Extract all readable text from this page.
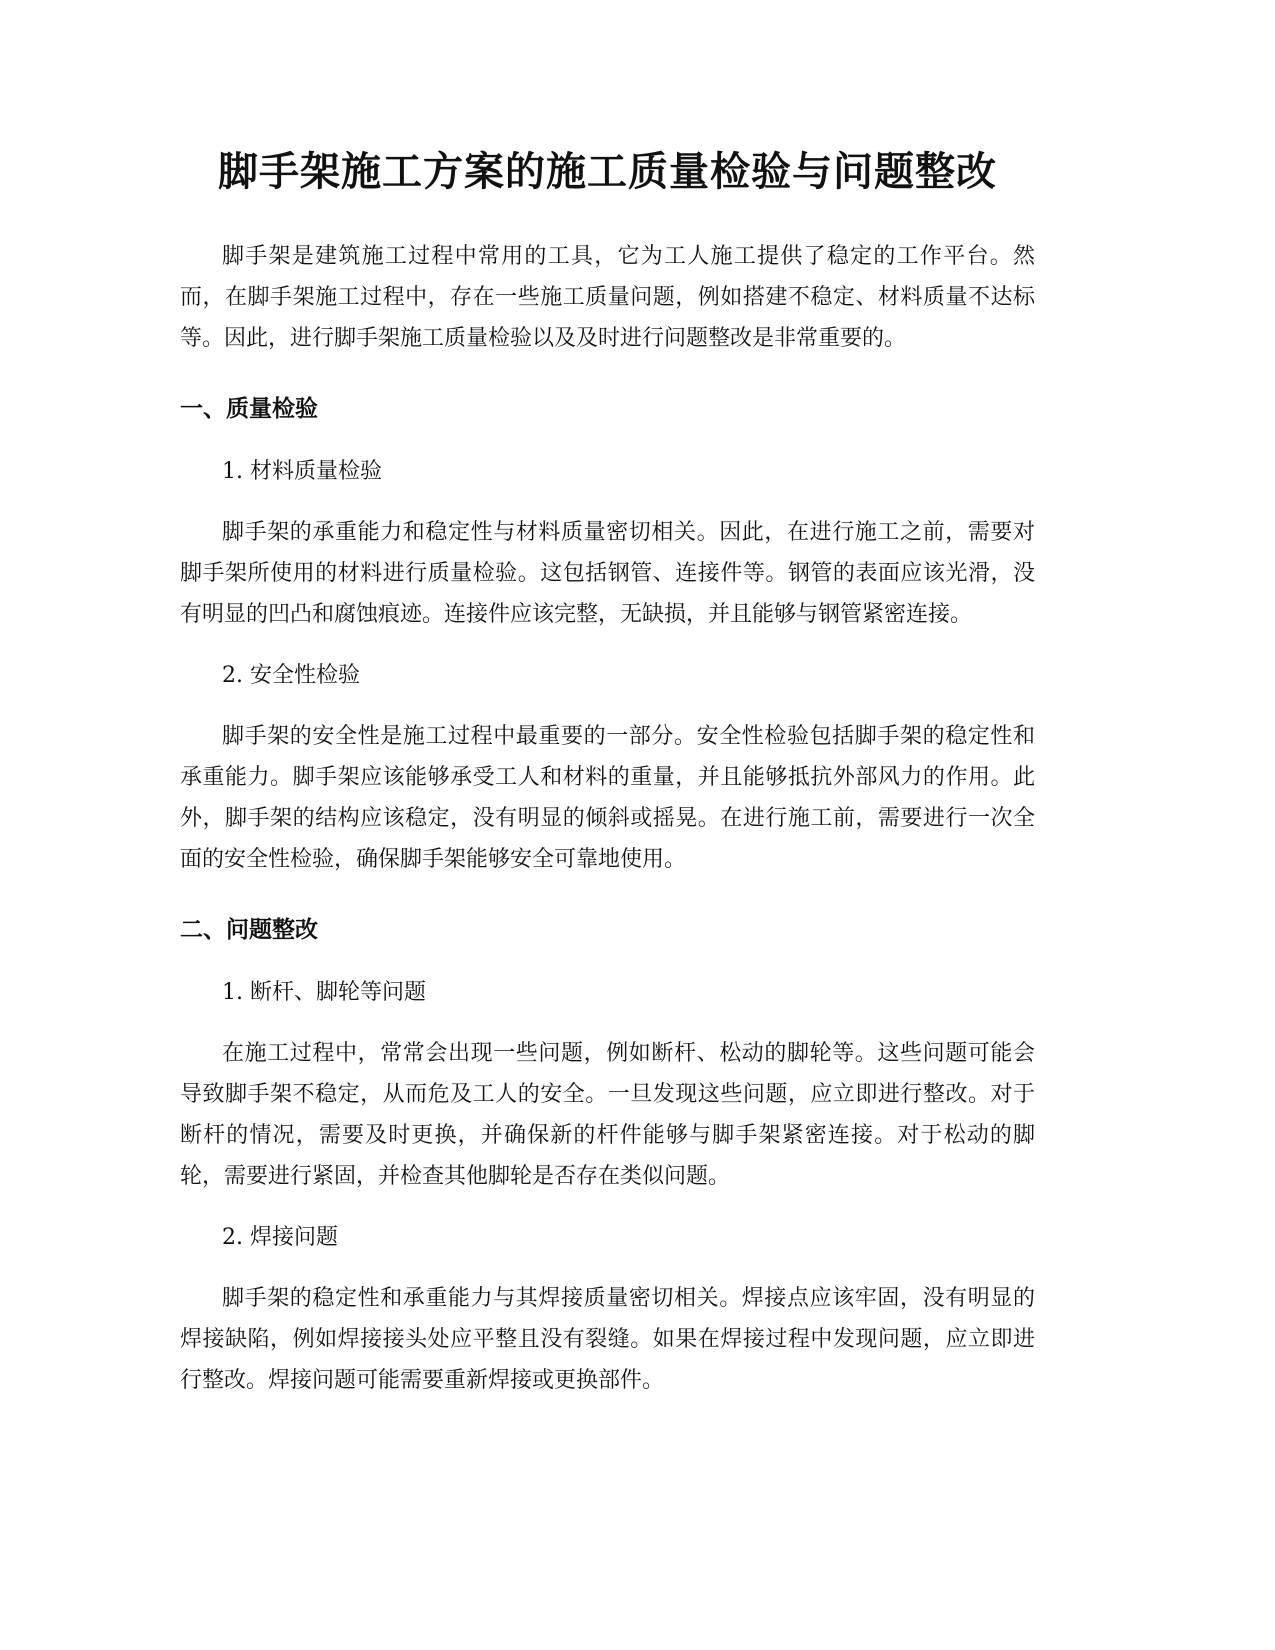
脚手架施工方案的施工质量检验与问题整改

脚手架是建筑施工过程中常用的工具，它为工人施工提供了稳定的工作平台。然而，在脚手架施工过程中，存在一些施工质量问题，例如搭建不稳定、材料质量不达标等。因此，进行脚手架施工质量检验以及及时进行问题整改是非常重要的。

一、质量检验
1. 材料质量检验

脚手架的承重能力和稳定性与材料质量密切相关。因此，在进行施工之前，需要对脚手架所使用的材料进行质量检验。这包括钢管、连接件等。钢管的表面应该光滑，没有明显的凹凸和腐蚀痕迹。连接件应该完整，无缺损，并且能够与钢管紧密连接。

2. 安全性检验

脚手架的安全性是施工过程中最重要的一部分。安全性检验包括脚手架的稳定性和承重能力。脚手架应该能够承受工人和材料的重量，并且能够抵抗外部风力的作用。此外，脚手架的结构应该稳定，没有明显的倾斜或摇晃。在进行施工前，需要进行一次全面的安全性检验，确保脚手架能够安全可靠地使用。

二、问题整改
1. 断杆、脚轮等问题

在施工过程中，常常会出现一些问题，例如断杆、松动的脚轮等。这些问题可能会导致脚手架不稳定，从而危及工人的安全。一旦发现这些问题，应立即进行整改。对于断杆的情况，需要及时更换，并确保新的杆件能够与脚手架紧密连接。对于松动的脚轮，需要进行紧固，并检查其他脚轮是否存在类似问题。

2. 焊接问题

脚手架的稳定性和承重能力与其焊接质量密切相关。焊接点应该牢固，没有明显的焊接缺陷，例如焊接接头处应平整且没有裂缝。如果在焊接过程中发现问题，应立即进行整改。焊接问题可能需要重新焊接或更换部件。
